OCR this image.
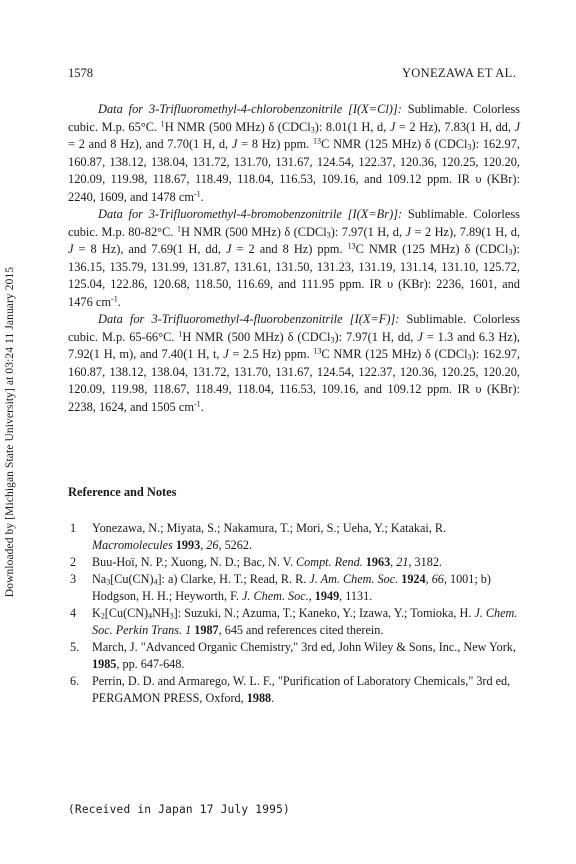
Downloaded by [Michigan State University] at 03:24 11 January 2015
1578	YONEZAWA ET AL.

Data for 3-Trifluoromethyl-4-chlorobenzonitrile [I(X=Cl)]: Sublimable. Colorless cubic. M.p. 65°C. $^1$H NMR (500 MHz) δ (CDCl$_3$): 8.01(1 H, d, J = 2 Hz), 7.83(1 H, dd, J = 2 and 8 Hz), and 7.70(1 H, d, J = 8 Hz) ppm. $^{13}$C NMR (125 MHz) δ (CDCl$_3$): 162.97, 160.87, 138.12, 138.04, 131.72, 131.70, 131.67, 124.54, 122.37, 120.36, 120.25, 120.20, 120.09, 119.98, 118.67, 118.49, 118.04, 116.53, 109.16, and 109.12 ppm. IR υ (KBr): 2240, 1609, and 1478 $cm^{-1}$.

Data for 3-Trifluoromethyl-4-bromobenzonitrile [I(X=Br)]: Sublimable. Colorless cubic. M.p. 80-82°C. $^1$H NMR (500 MHz) δ (CDCl$_3$): 7.97(1 H, d, J = 2 Hz), 7.89(1 H, d, J = 8 Hz), and 7.69(1 H, dd, J = 2 and 8 Hz) ppm. $^{13}$C NMR (125 MHz) δ (CDCl$_3$): 136.15, 135.79, 131.99, 131.87, 131.61, 131.50, 131.23, 131.19, 131.14, 131.10, 125.72, 125.04, 122.86, 120.68, 118.50, 116.69, and 111.95 ppm. IR υ (KBr): 2236, 1601, and 1476 $cm^{-1}$.

Data for 3-Trifluoromethyl-4-fluorobenzonitrile [I(X=F)]: Sublimable. Colorless cubic. M.p. 65-66°C. $^1$H NMR (500 MHz) δ (CDCl$_3$): 7.97(1 H, dd, J = 1.3 and 6.3 Hz), 7.92(1 H, m), and 7.40(1 H, t, J = 2.5 Hz) ppm. $^{13}$C NMR (125 MHz) δ (CDCl$_3$): 162.97, 160.87, 138.12, 138.04, 131.72, 131.70, 131.67, 124.54, 122.37, 120.36, 120.25, 120.20, 120.09, 119.98, 118.67, 118.49, 118.04, 116.53, 109.16, and 109.12 ppm. IR υ (KBr): 2238, 1624, and 1505 $cm^{-1}$.

Reference and Notes
1 Yonezawa, N.; Miyata, S.; Nakamura, T.; Mori, S.; Ueha, Y.; Katakai, R. Macromolecules 1993, 26, 5262.
2 Buu-Hoï, N. P.; Xuong, N. D.; Bac, N. V. Compt. Rend. 1963, 21, 3182.
3 $Na_3[Cu(CN)_4]$: a) Clarke, H. T.; Read, R. R. J. Am. Chem. Soc. 1924, 66, 1001; b) Hodgson, H. H.; Heyworth, F. J. Chem. Soc., 1949, 1131.
4 $K_2[Cu(CN)_4NH_3]$: Suzuki, N.; Azuma, T.; Kaneko, Y.; Izawa, Y.; Tomioka, H. J. Chem. Soc. Perkin Trans. 1 1987, 645 and references cited therein.
5. March, J. "Advanced Organic Chemistry," 3rd ed, John Wiley & Sons, Inc., New York, 1985, pp. 647-648.
6. Perrin, D. D. and Armarego, W. L. F., "Purification of Laboratory Chemicals," 3rd ed, PERGAMON PRESS, Oxford, 1988.
(Received in Japan 17 July 1995)
